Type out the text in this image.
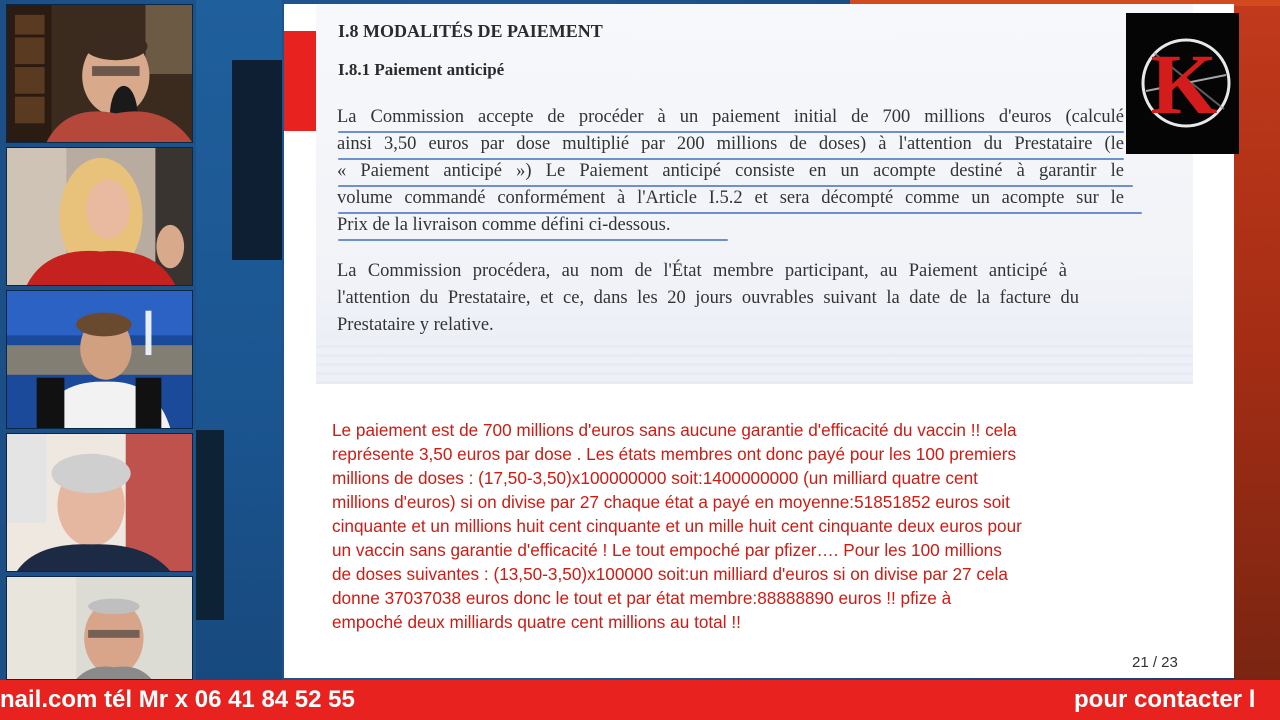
I.8 MODALITÉS DE PAIEMENT
I.8.1 Paiement anticipé
La Commission accepte de procéder à un paiement initial de 700 millions d'euros (calculé
ainsi 3,50 euros par dose multiplié par 200 millions de doses) à l'attention du Prestataire (le
« Paiement anticipé ») Le Paiement anticipé consiste en un acompte destiné à garantir le
volume commandé conformément à l'Article I.5.2 et sera décompté comme un acompte sur le
Prix de la livraison comme défini ci-dessous.
La Commission procédera, au nom de l'État membre participant, au Paiement anticipé à
l'attention du Prestataire, et ce, dans les 20 jours ouvrables suivant la date de la facture du
Prestataire y relative.
Le paiement est de 700 millions d'euros sans aucune garantie d'efficacité du vaccin !! cela
représente 3,50 euros par dose . Les états membres ont donc payé pour les 100 premiers
millions de doses : (17,50-3,50)x100000000 soit:1400000000 (un milliard quatre cent
millions d'euros) si on divise par 27 chaque état a payé en moyenne:51851852 euros soit
cinquante et un millions huit cent cinquante et un mille huit cent cinquante deux euros pour
un vaccin sans garantie d'efficacité ! Le tout empoché par pfizer…. Pour les 100 millions
de doses suivantes : (13,50-3,50)x100000 soit:un milliard d'euros si on divise par 27 cela
donne 37037038 euros donc le tout et par état membre:88888890 euros !! pfize à
empoché deux milliards quatre cent millions au total !!
21 / 23
K
nail.com tél Mr x 06 41 84 52 55	pour contacter l
